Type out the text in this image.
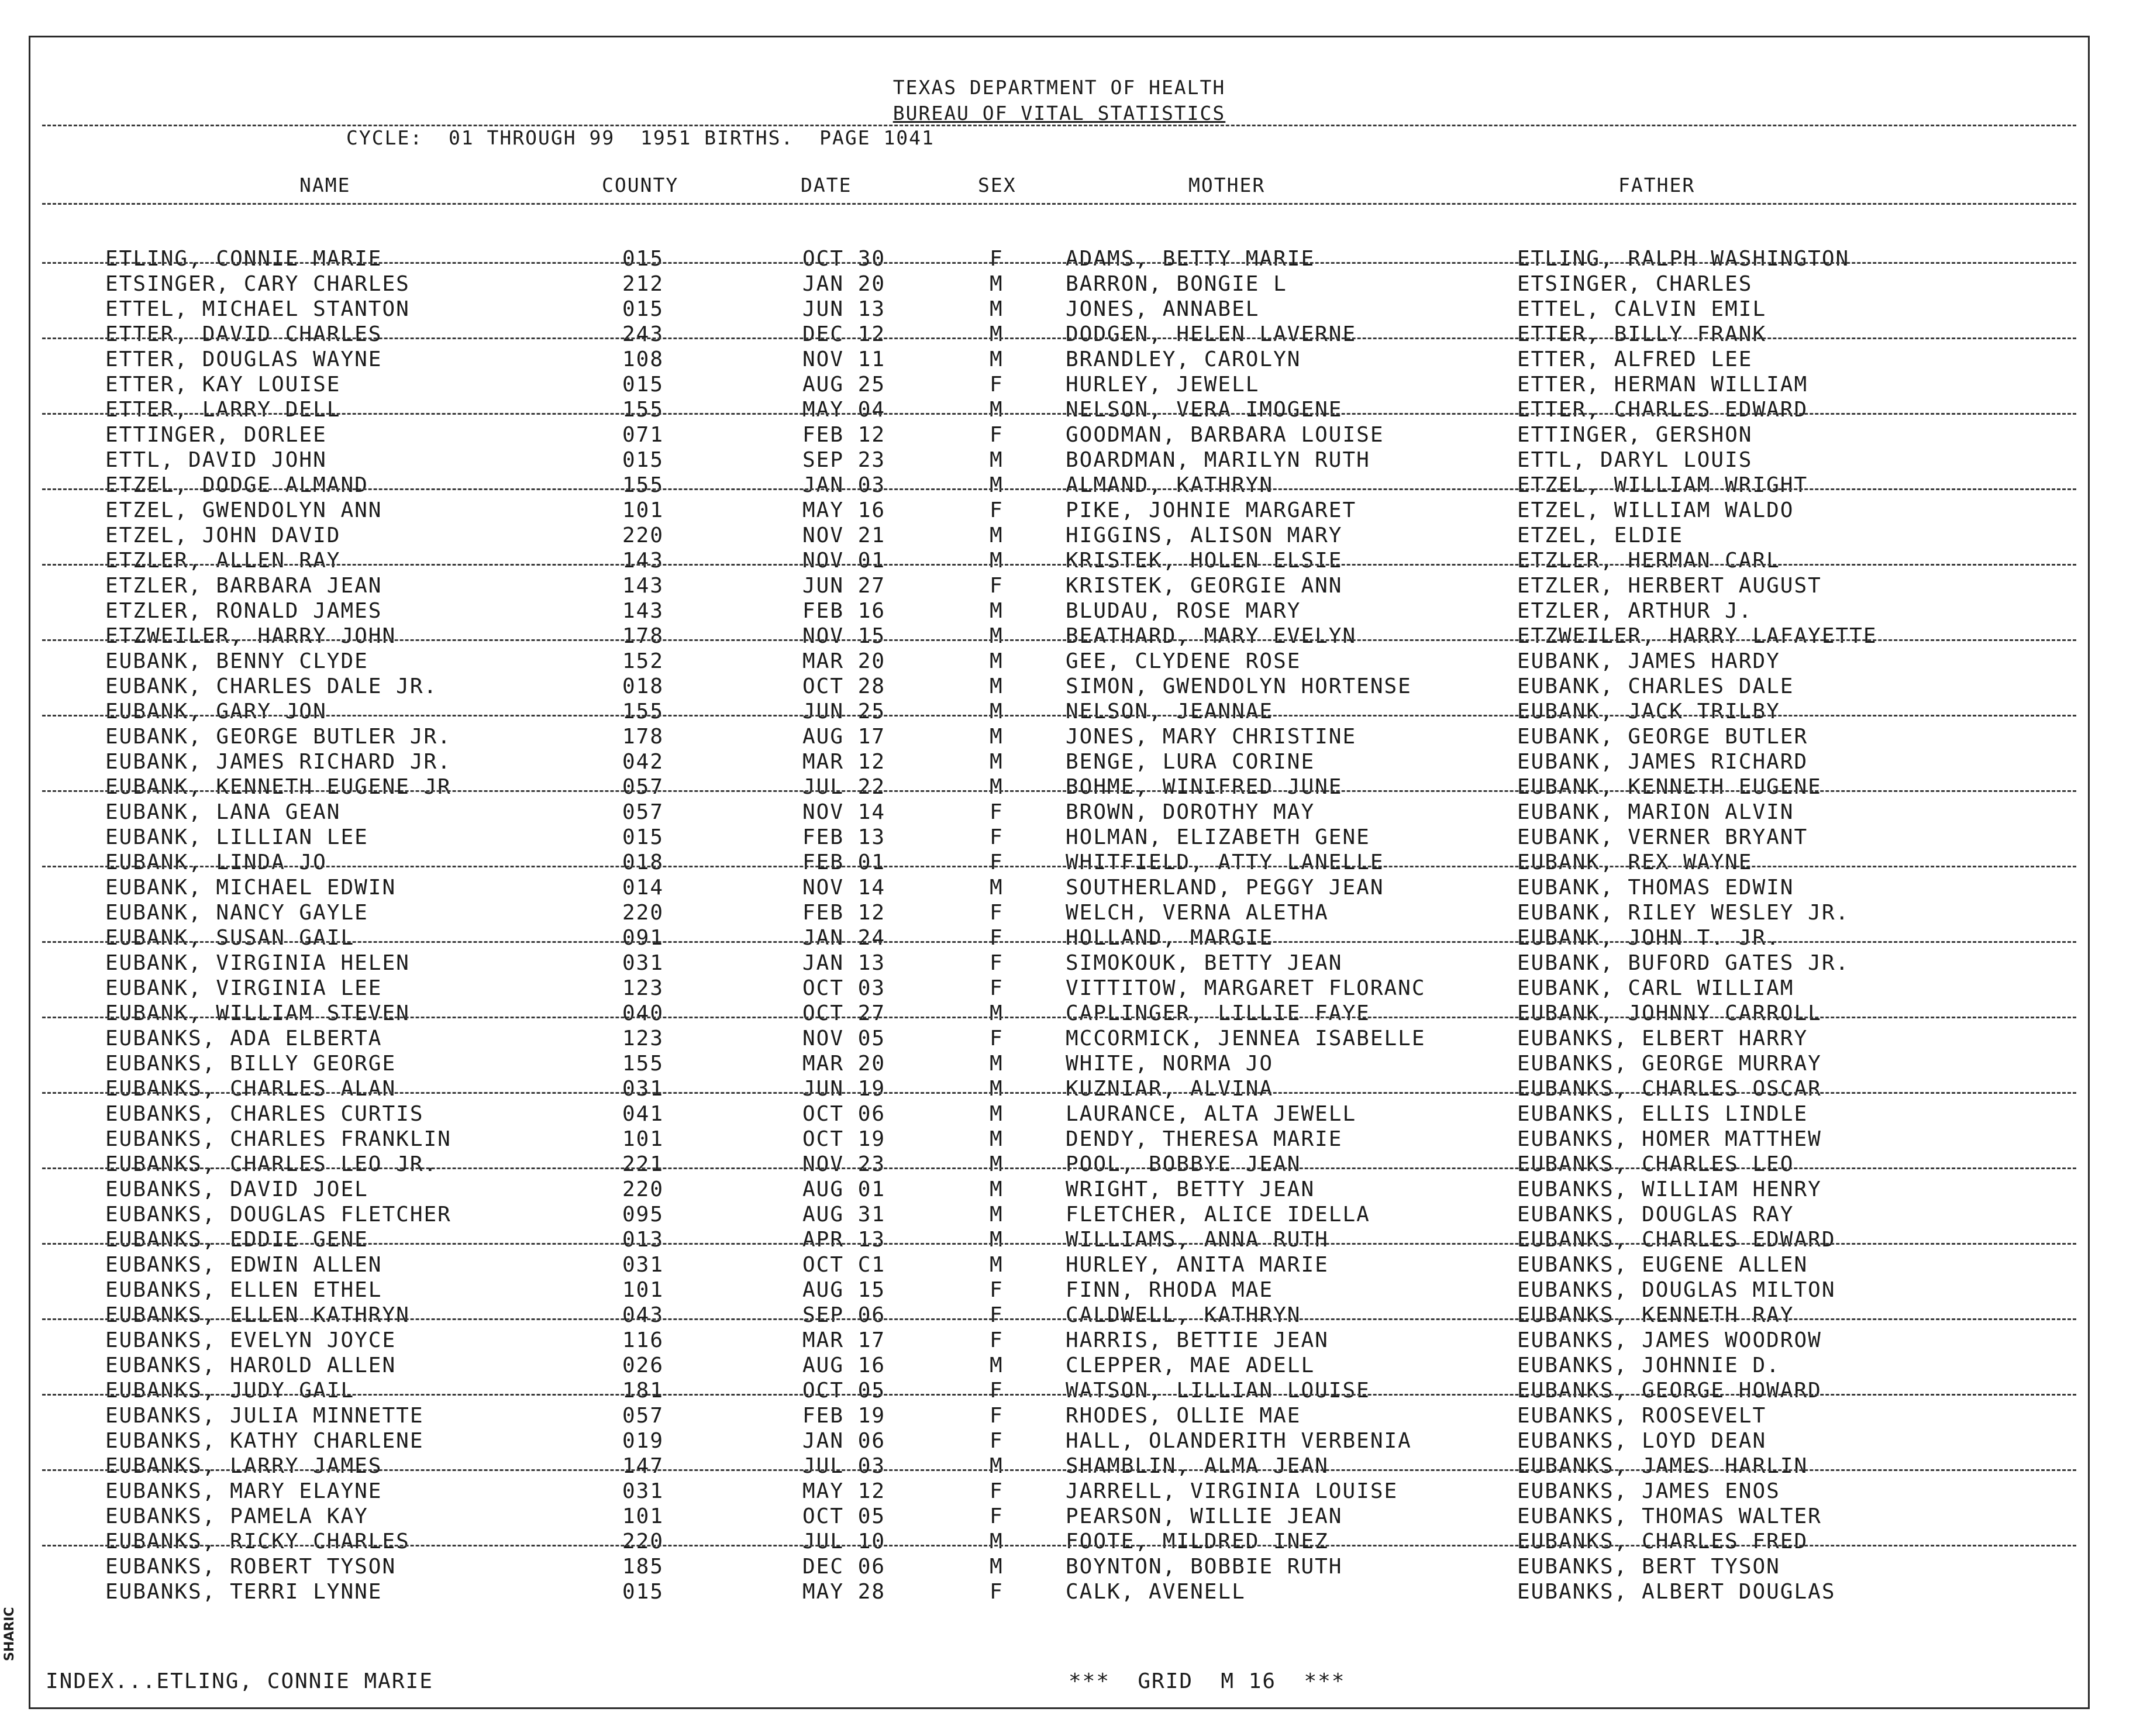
SHARIC
TEXAS DEPARTMENT OF HEALTH
BUREAU OF VITAL STATISTICS
CYCLE:  01 THROUGH 99  1951 BIRTHS.  PAGE 1041
NAME	COUNTY	DATE	SEX	MOTHER	FATHER
ETLING, CONNIE MARIE	015	OCT 30	F	ADAMS, BETTY MARIE	ETLING, RALPH WASHINGTON
ETSINGER, CARY CHARLES	212	JAN 20	M	BARRON, BONGIE L	ETSINGER, CHARLES
ETTEL, MICHAEL STANTON	015	JUN 13	M	JONES, ANNABEL	ETTEL, CALVIN EMIL
ETTER, DAVID CHARLES	243	DEC 12	M	DODGEN, HELEN LAVERNE	ETTER, BILLY FRANK
ETTER, DOUGLAS WAYNE	108	NOV 11	M	BRANDLEY, CAROLYN	ETTER, ALFRED LEE
ETTER, KAY LOUISE	015	AUG 25	F	HURLEY, JEWELL	ETTER, HERMAN WILLIAM
ETTER, LARRY DELL	155	MAY 04	M	NELSON, VERA IMOGENE	ETTER, CHARLES EDWARD
ETTINGER, DORLEE	071	FEB 12	F	GOODMAN, BARBARA LOUISE	ETTINGER, GERSHON
ETTL, DAVID JOHN	015	SEP 23	M	BOARDMAN, MARILYN RUTH	ETTL, DARYL LOUIS
ETZEL, DODGE ALMAND	155	JAN 03	M	ALMAND, KATHRYN	ETZEL, WILLIAM WRIGHT
ETZEL, GWENDOLYN ANN	101	MAY 16	F	PIKE, JOHNIE MARGARET	ETZEL, WILLIAM WALDO
ETZEL, JOHN DAVID	220	NOV 21	M	HIGGINS, ALISON MARY	ETZEL, ELDIE
ETZLER, ALLEN RAY	143	NOV 01	M	KRISTEK, HOLEN ELSIE	ETZLER, HERMAN CARL
ETZLER, BARBARA JEAN	143	JUN 27	F	KRISTEK, GEORGIE ANN	ETZLER, HERBERT AUGUST
ETZLER, RONALD JAMES	143	FEB 16	M	BLUDAU, ROSE MARY	ETZLER, ARTHUR J.
ETZWEILER, HARRY JOHN	178	NOV 15	M	BEATHARD, MARY EVELYN	ETZWEILER, HARRY LAFAYETTE
EUBANK, BENNY CLYDE	152	MAR 20	M	GEE, CLYDENE ROSE	EUBANK, JAMES HARDY
EUBANK, CHARLES DALE JR.	018	OCT 28	M	SIMON, GWENDOLYN HORTENSE	EUBANK, CHARLES DALE
EUBANK, GARY JON	155	JUN 25	M	NELSON, JEANNAE	EUBANK, JACK TRILBY
EUBANK, GEORGE BUTLER JR.	178	AUG 17	M	JONES, MARY CHRISTINE	EUBANK, GEORGE BUTLER
EUBANK, JAMES RICHARD JR.	042	MAR 12	M	BENGE, LURA CORINE	EUBANK, JAMES RICHARD
EUBANK, KENNETH EUGENE JR	057	JUL 22	M	BOHME, WINIFRED JUNE	EUBANK, KENNETH EUGENE
EUBANK, LANA GEAN	057	NOV 14	F	BROWN, DOROTHY MAY	EUBANK, MARION ALVIN
EUBANK, LILLIAN LEE	015	FEB 13	F	HOLMAN, ELIZABETH GENE	EUBANK, VERNER BRYANT
EUBANK, LINDA JO	018	FEB 01	F	WHITFIELD, ATTY LANELLE	EUBANK, REX WAYNE
EUBANK, MICHAEL EDWIN	014	NOV 14	M	SOUTHERLAND, PEGGY JEAN	EUBANK, THOMAS EDWIN
EUBANK, NANCY GAYLE	220	FEB 12	F	WELCH, VERNA ALETHA	EUBANK, RILEY WESLEY JR.
EUBANK, SUSAN GAIL	091	JAN 24	F	HOLLAND, MARGIE	EUBANK, JOHN T. JR.
EUBANK, VIRGINIA HELEN	031	JAN 13	F	SIMOKOUK, BETTY JEAN	EUBANK, BUFORD GATES JR.
EUBANK, VIRGINIA LEE	123	OCT 03	F	VITTITOW, MARGARET FLORANC	EUBANK, CARL WILLIAM
EUBANK, WILLIAM STEVEN	040	OCT 27	M	CAPLINGER, LILLIE FAYE	EUBANK, JOHNNY CARROLL
EUBANKS, ADA ELBERTA	123	NOV 05	F	MCCORMICK, JENNEA ISABELLE	EUBANKS, ELBERT HARRY
EUBANKS, BILLY GEORGE	155	MAR 20	M	WHITE, NORMA JO	EUBANKS, GEORGE MURRAY
EUBANKS, CHARLES ALAN	031	JUN 19	M	KUZNIAR, ALVINA	EUBANKS, CHARLES OSCAR
EUBANKS, CHARLES CURTIS	041	OCT 06	M	LAURANCE, ALTA JEWELL	EUBANKS, ELLIS LINDLE
EUBANKS, CHARLES FRANKLIN	101	OCT 19	M	DENDY, THERESA MARIE	EUBANKS, HOMER MATTHEW
EUBANKS, CHARLES LEO JR.	221	NOV 23	M	POOL, BOBBYE JEAN	EUBANKS, CHARLES LEO
EUBANKS, DAVID JOEL	220	AUG 01	M	WRIGHT, BETTY JEAN	EUBANKS, WILLIAM HENRY
EUBANKS, DOUGLAS FLETCHER	095	AUG 31	M	FLETCHER, ALICE IDELLA	EUBANKS, DOUGLAS RAY
EUBANKS, EDDIE GENE	013	APR 13	M	WILLIAMS, ANNA RUTH	EUBANKS, CHARLES EDWARD
EUBANKS, EDWIN ALLEN	031	OCT C1	M	HURLEY, ANITA MARIE	EUBANKS, EUGENE ALLEN
EUBANKS, ELLEN ETHEL	101	AUG 15	F	FINN, RHODA MAE	EUBANKS, DOUGLAS MILTON
EUBANKS, ELLEN KATHRYN	043	SEP 06	F	CALDWELL, KATHRYN	EUBANKS, KENNETH RAY
EUBANKS, EVELYN JOYCE	116	MAR 17	F	HARRIS, BETTIE JEAN	EUBANKS, JAMES WOODROW
EUBANKS, HAROLD ALLEN	026	AUG 16	M	CLEPPER, MAE ADELL	EUBANKS, JOHNNIE D.
EUBANKS, JUDY GAIL	181	OCT 05	F	WATSON, LILLIAN LOUISE	EUBANKS, GEORGE HOWARD
EUBANKS, JULIA MINNETTE	057	FEB 19	F	RHODES, OLLIE MAE	EUBANKS, ROOSEVELT
EUBANKS, KATHY CHARLENE	019	JAN 06	F	HALL, OLANDERITH VERBENIA	EUBANKS, LOYD DEAN
EUBANKS, LARRY JAMES	147	JUL 03	M	SHAMBLIN, ALMA JEAN	EUBANKS, JAMES HARLIN
EUBANKS, MARY ELAYNE	031	MAY 12	F	JARRELL, VIRGINIA LOUISE	EUBANKS, JAMES ENOS
EUBANKS, PAMELA KAY	101	OCT 05	F	PEARSON, WILLIE JEAN	EUBANKS, THOMAS WALTER
EUBANKS, RICKY CHARLES	220	JUL 10	M	FOOTE, MILDRED INEZ	EUBANKS, CHARLES FRED
EUBANKS, ROBERT TYSON	185	DEC 06	M	BOYNTON, BOBBIE RUTH	EUBANKS, BERT TYSON
EUBANKS, TERRI LYNNE	015	MAY 28	F	CALK, AVENELL	EUBANKS, ALBERT DOUGLAS
INDEX...ETLING, CONNIE MARIE	***  GRID  M 16  ***
